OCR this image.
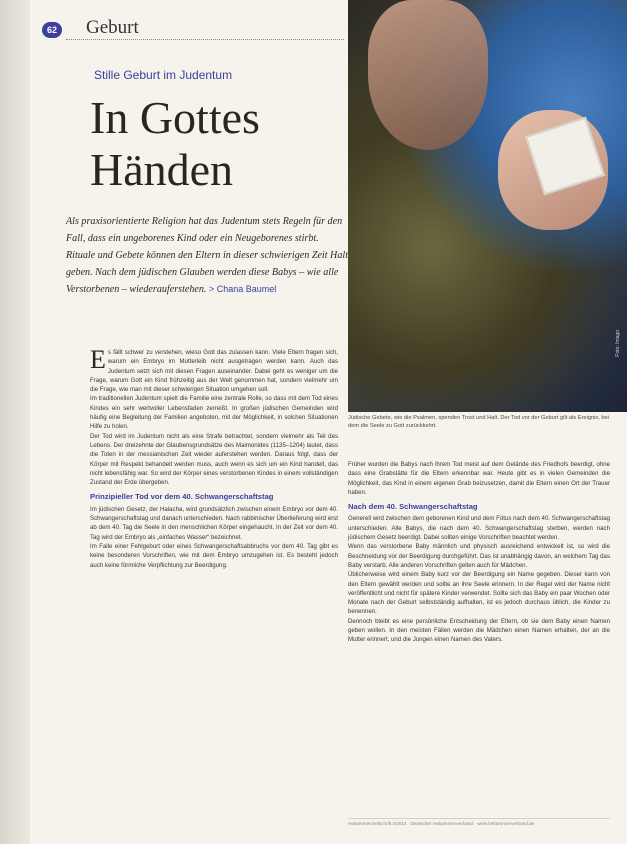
Foto: Imago
62 Geburt
Stille Geburt im Judentum
In Gottes Händen
Als praxisorientierte Religion hat das Judentum stets Regeln für den Fall, dass ein ungeborenes Kind oder ein Neugeborenes stirbt. Rituale und Gebete können den Eltern in dieser schwierigen Zeit Halt geben. Nach dem jüdischen Glauben werden diese Babys – wie alle Verstorbenen – wiederauferstehen. > Chana Baumel

Es fällt schwer zu verstehen, wieso Gott das zulassen kann. Viele Eltern fragen sich, warum ein Embryo im Mutterleib nicht ausgetragen werden kann. Auch das Judentum setzt sich mit diesen Fragen auseinander. Dabei geht es weniger um die Frage, warum Gott ein Kind frühzeitig aus der Welt genommen hat, sondern vielmehr um die Frage, wie man mit dieser schwierigen Situation umgehen soll.

Im traditionellen Judentum spielt die Familie eine zentrale Rolle, so dass mit dem Tod eines Kindes ein sehr wertvoller Lebensfaden zerreißt. In großen jüdischen Gemeinden wird häufig eine Begleitung der Familien angeboten, mit der Möglichkeit, in solchen Situationen Hilfe zu holen.

Der Tod wird im Judentum nicht als eine Strafe betrachtet, sondern vielmehr als Teil des Lebens. Der dreizehnte der Glaubensgrundsätze des Maimonides (1135–1204) lautet, dass die Toten in der messianischen Zeit wieder auferstehen werden. Daraus folgt, dass der Körper mit Respekt behandelt werden muss, auch wenn es sich um ein Kind handelt, das nicht lebensfähig war. So wird der Körper eines verstorbenen Kindes in einem vollständigen Zustand der Erde übergeben.

Prinzipieller Tod vor dem 40. Schwangerschaftstag

Im jüdischen Gesetz, der Halacha, wird grundsätzlich zwischen einem Embryo vor dem 40. Schwangerschaftstag und danach unterschieden. Nach rabbinischer Überlieferung wird erst ab dem 40. Tag die Seele in den menschlichen Körper eingehaucht. In der Zeit vor dem 40. Tag wird der Embryo als „einfaches Wasser“ bezeichnet.

Im Falle einer Fehlgeburt oder eines Schwangerschaftsabbruchs vor dem 40. Tag gibt es keine besonderen Vorschriften, wie mit dem Embryo umzugehen ist. Es besteht jedoch auch keine förmliche Verpflichtung zur Beerdigung.

Jüdische Gebete, wie die Psalmen, spenden Trost und Halt. Der Tod vor der Geburt gilt als Ereignis, bei dem die Seele zu Gott zurückkehrt.

Früher wurden die Babys nach ihrem Tod meist auf dem Gelände des Friedhofs beerdigt, ohne dass eine Grabstätte für die Eltern erkennbar war. Heute gibt es in vielen Gemeinden die Möglichkeit, das Kind in einem eigenen Grab beizusetzen, damit die Eltern einen Ort der Trauer haben.

Nach dem 40. Schwangerschaftstag

Generell wird zwischen dem geborenen Kind und dem Fötus nach dem 40. Schwangerschaftstag unterschieden. Alle Babys, die nach dem 40. Schwangerschaftstag sterben, werden nach jüdischem Gesetz beerdigt. Dabei sollten einige Vorschriften beachtet werden.

Wenn das verstorbene Baby männlich und physisch ausreichend entwickelt ist, so wird die Beschneidung vor der Beerdigung durchgeführt. Das ist unabhängig davon, an welchem Tag das Baby verstarb. Alle anderen Vorschriften gelten auch für Mädchen.

Üblicherweise wird einem Baby kurz vor der Beerdigung ein Name gegeben. Dieser kann von den Eltern gewählt werden und sollte an ihre Seele erinnern. In der Regel wird der Name nicht veröffentlicht und nicht für spätere Kinder verwendet. Sollte sich das Baby ein paar Wochen oder Monate nach der Geburt selbstständig aufhalten, ist es jedoch durchaus üblich, die Kinder zu benennen.

Dennoch bleibt es eine persönliche Entscheidung der Eltern, ob sie dem Baby einen Namen geben wollen. In den meisten Fällen werden die Mädchen einen Namen erhalten, der an die Mutter erinnert, und die Jungen einen Namen des Vaters.

Hebammenzeitschrift 4/2014 · Deutscher Hebammenverband · www.hebammenverband.de
